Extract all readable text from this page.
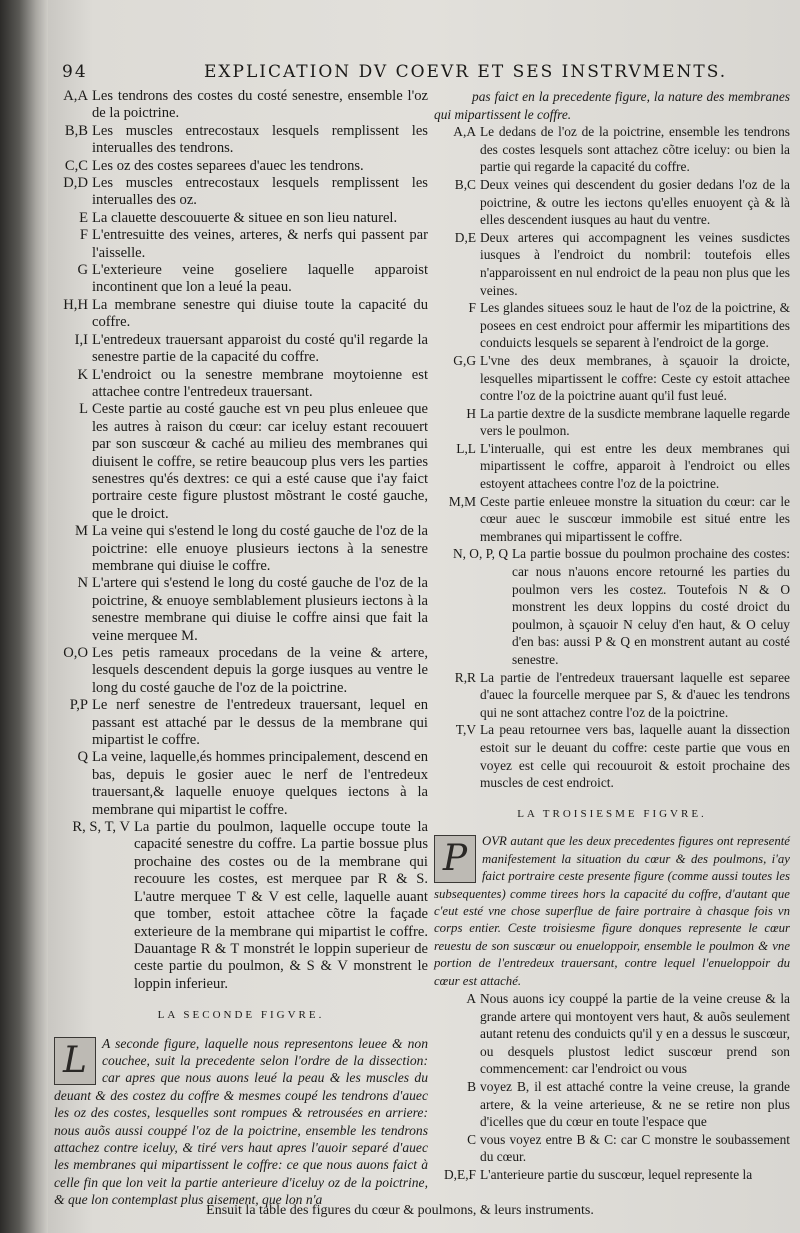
94	EXPLICATION DV COEVR ET SES INSTRVMENTS.
A,A Les tendrons des costes du costé senestre, ensemble l'oz de la poictrine.
B,B Les muscles entrecostaux lesquels remplissent les interualles des tendrons.
C,C Les oz des costes separees d'auec les tendrons.
D,D Les muscles entrecostaux lesquels remplissent les interualles des oz.
E La clauette descouuerte & situee en son lieu naturel.
F L'entresuitte des veines, arteres, & nerfs qui passent par l'aisselle.
G L'exterieure veine goseliere laquelle apparoist incontinent que lon a leué la peau.
H,H La membrane senestre qui diuise toute la capacité du coffre.
I,I L'entredeux trauersant apparoist du costé qu'il regarde la senestre partie de la capacité du coffre.
K L'endroict ou la senestre membrane moytoienne est attachee contre l'entredeux trauersant.
L Ceste partie au costé gauche est vn peu plus enleuee que les autres à raison du cœur: car iceluy estant recouuert par son suscœur & caché au milieu des membranes qui diuisent le coffre, se retire beaucoup plus vers les parties senestres qu'és dextres: ce qui a esté cause que i'ay faict portraire ceste figure plustost mõstrant le costé gauche, que le droict.
M La veine qui s'estend le long du costé gauche de l'oz de la poictrine: elle enuoye plusieurs iectons à la senestre membrane qui diuise le coffre.
N L'artere qui s'estend le long du costé gauche de l'oz de la poictrine, & enuoye semblablement plusieurs iectons à la senestre membrane qui diuise le coffre ainsi que fait la veine merquee M.
O,O Les petis rameaux procedans de la veine & artere, lesquels descendent depuis la gorge iusques au ventre le long du costé gauche de l'oz de la poictrine.
P,P Le nerf senestre de l'entredeux trauersant, lequel en passant est attaché par le dessus de la membrane qui mipartist le coffre.
Q La veine, laquelle,és hommes principalement, descend en bas, depuis le gosier auec le nerf de l'entredeux trauersant,& laquelle enuoye quelques iectons à la membrane qui mipartist le coffre.
R, S, T, V La partie du poulmon, laquelle occupe toute la capacité senestre du coffre. La partie bossue plus prochaine des costes ou de la membrane qui recouure les costes, est merquee par R & S. L'autre merquee T & V est celle, laquelle auant que tomber, estoit attachee cõtre la façade exterieure de la membrane qui mipartist le coffre. Dauantage R & T monstrét le loppin superieur de ceste partie du poulmon, & S & V monstrent le loppin inferieur.
LA SECONDE FIGVRE.
L	A seconde figure, laquelle nous representons leuee & non couchee, suit la precedente selon l'ordre de la dissection: car apres que nous auons leué la peau & les muscles du deuant & des costez du coffre & mesmes coupé les tendrons d'auec les oz des costes, lesquelles sont rompues & retrousées en arriere: nous auõs aussi couppé l'oz de la poictrine, ensemble les tendrons attachez contre iceluy, & tiré vers haut apres l'auoir separé d'auec les membranes qui mipartissent le coffre: ce que nous auons faict à celle fin que lon veit la partie anterieure d'iceluy oz de la poictrine, & que lon contemplast plus aisement, que lon n'a
pas faict en la precedente figure, la nature des membranes qui mipartissent le coffre.
A,A Le dedans de l'oz de la poictrine, ensemble les tendrons des costes lesquels sont attachez cõtre iceluy: ou bien la partie qui regarde la capacité du coffre.
B,C Deux veines qui descendent du gosier dedans l'oz de la poictrine, & outre les iectons qu'elles enuoyent çà & là elles descendent iusques au haut du ventre.
D,E Deux arteres qui accompagnent les veines susdictes iusques à l'endroict du nombril: toutefois elles n'apparoissent en nul endroict de la peau non plus que les veines.
F Les glandes situees souz le haut de l'oz de la poictrine, & posees en cest endroict pour affermir les mipartitions des conduicts lesquels se separent à l'endroict de la gorge.
G,G L'vne des deux membranes, à sçauoir la droicte, lesquelles mipartissent le coffre: Ceste cy estoit attachee contre l'oz de la poictrine auant qu'il fust leué.
H La partie dextre de la susdicte membrane laquelle regarde vers le poulmon.
L,L L'interualle, qui est entre les deux membranes qui mipartissent le coffre, apparoit à l'endroict ou elles estoyent attachees contre l'oz de la poictrine.
M,M Ceste partie enleuee monstre la situation du cœur: car le cœur auec le suscœur immobile est situé entre les membranes qui mipartissent le coffre.
N, O, P, Q La partie bossue du poulmon prochaine des costes: car nous n'auons encore retourné les parties du poulmon vers les costez. Toutefois N & O monstrent les deux loppins du costé droict du poulmon, à sçauoir N celuy d'en haut, & O celuy d'en bas: aussi P & Q en monstrent autant au costé senestre.
R,R La partie de l'entredeux trauersant laquelle est separee d'auec la fourcelle merquee par S, & d'auec les tendrons qui ne sont attachez contre l'oz de la poictrine.
T,V La peau retournee vers bas, laquelle auant la dissection estoit sur le deuant du coffre: ceste partie que vous en voyez est celle qui recouuroit & estoit prochaine des muscles de cest endroict.
LA TROISIESME FIGVRE.
P	OVR autant que les deux precedentes figures ont representé manifestement la situation du cœur & des poulmons, i'ay faict portraire ceste presente figure (comme aussi toutes les subsequentes) comme tirees hors la capacité du coffre, d'autant que c'eut esté vne chose superflue de faire portraire à chasque fois vn corps entier. Ceste troisiesme figure donques represente le cœur reuestu de son suscœur ou enueloppoir, ensemble le poulmon & vne portion de l'entredeux trauersant, contre lequel l'enueloppoir du cœur est attaché.
A Nous auons icy couppé la partie de la veine creuse & la grande artere qui montoyent vers haut, & auõs seulement autant retenu des conduicts qu'il y en a dessus le suscœur, ou desquels plustost ledict suscœur prend son commencement: car l'endroict ou vous
B voyez B, il est attaché contre la veine creuse, la grande artere, & la veine arterieuse, & ne se retire non plus d'icelles que du cœur en toute l'espace que
C vous voyez entre B & C: car C monstre le soubassement du cœur.
D,E,F L'anterieure partie du suscœur, lequel represente la
Ensuit la table des figures du cœur & poulmons, & leurs instruments.
